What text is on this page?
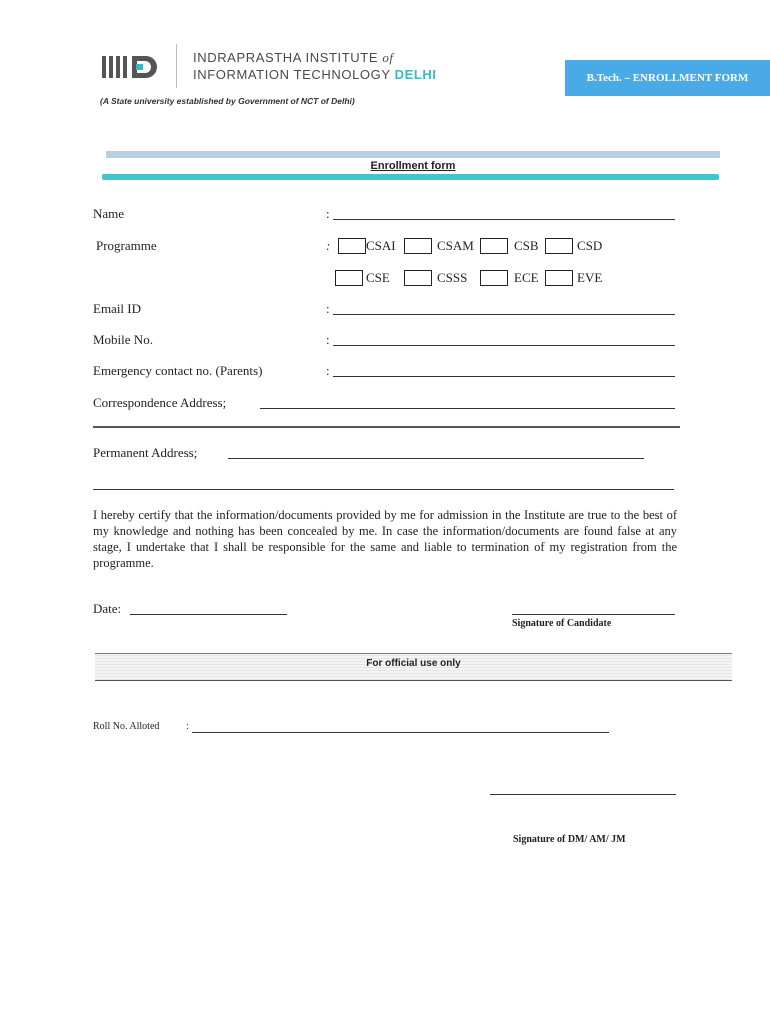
INDRAPRASTHA INSTITUTE of
INFORMATION TECHNOLOGY DELHI
(A State university established by Government of NCT of Delhi)
B.Tech. – ENROLLMENT FORM
Enrollment form
Name	:
Programme	:	CSAI	CSAM	CSB	CSD
CSE	CSSS	ECE	EVE
Email ID	:
Mobile No.	:
Emergency contact no. (Parents)	:
Correspondence Address;
Permanent Address;

I hereby certify that the information/documents provided by me for admission in the Institute are true to the best of my knowledge and nothing has been concealed by me. In case the information/documents are found false at any stage, I undertake that I shall be responsible for the same and liable to termination of my registration from the programme.

Date:
Signature of Candidate
For official use only
Roll No. Alloted	:
Signature of DM/ AM/ JM
